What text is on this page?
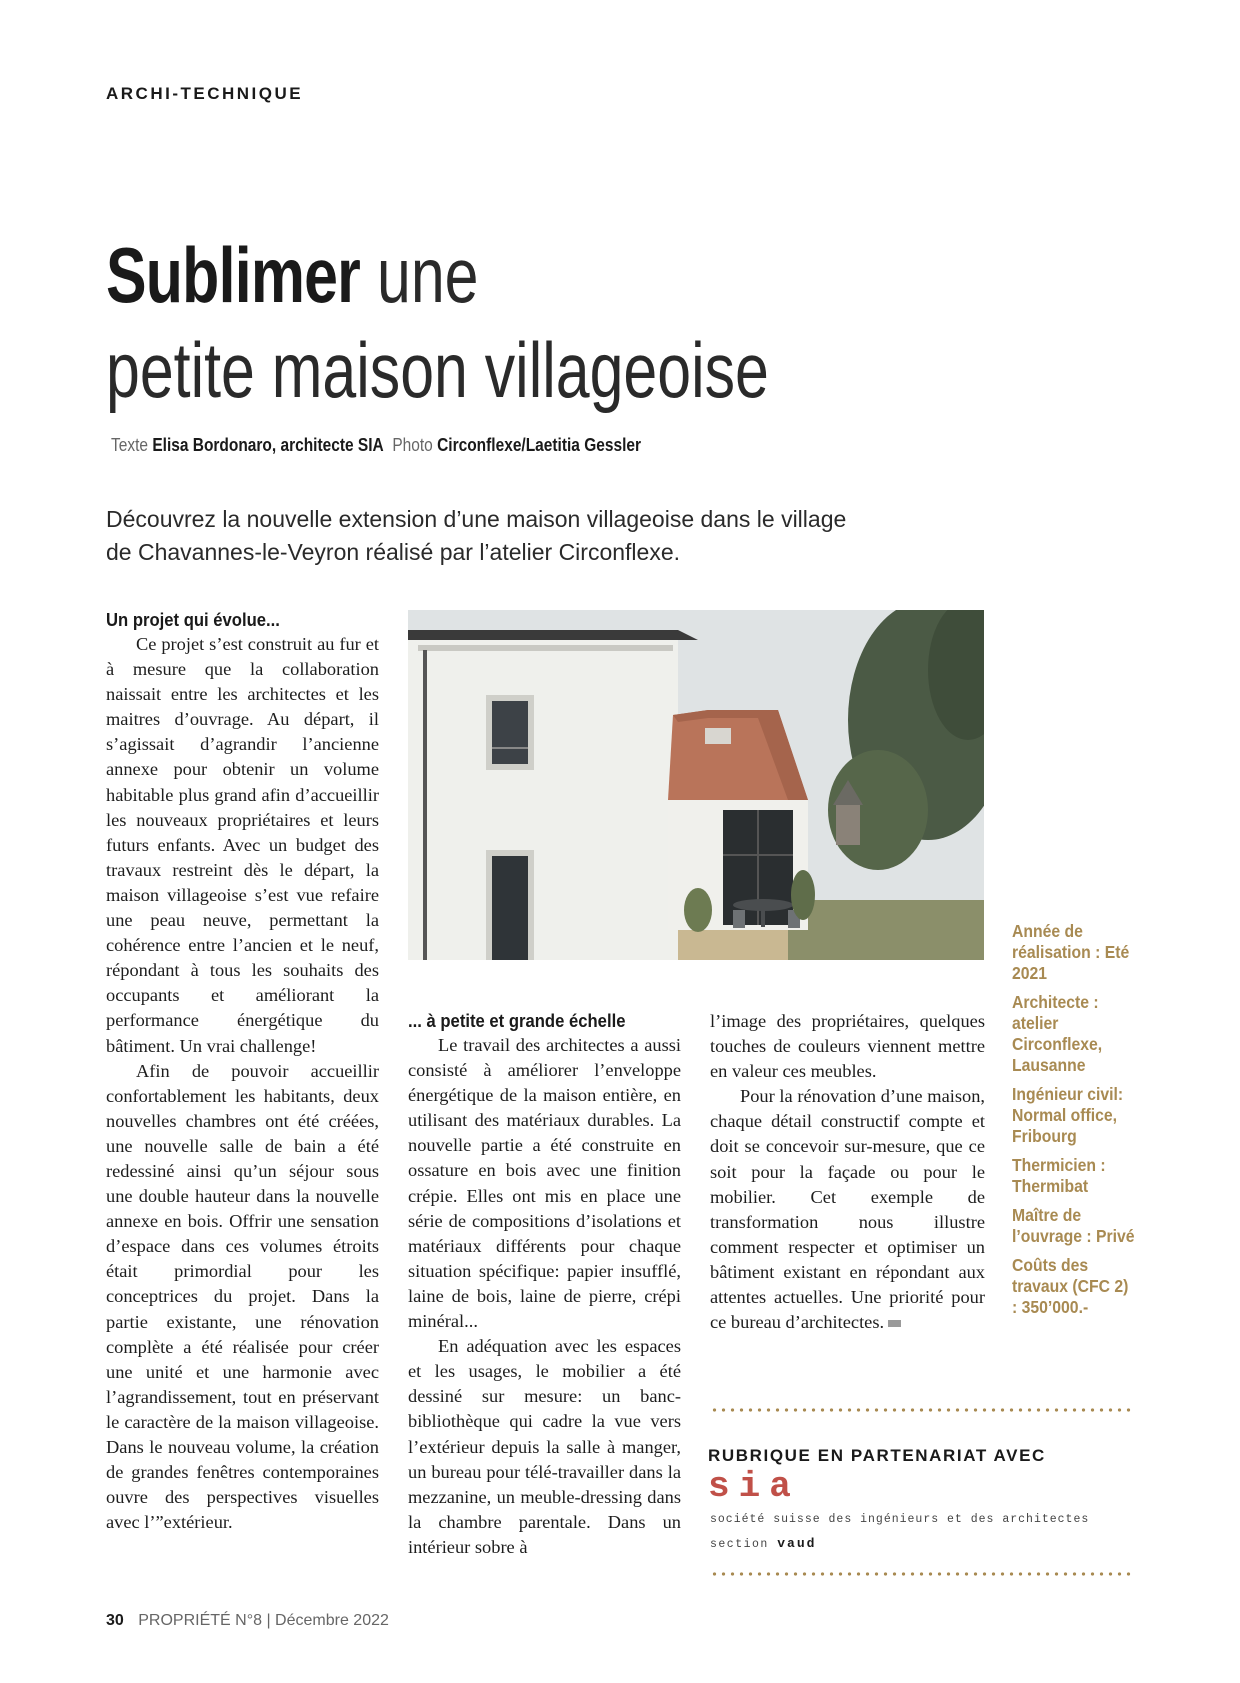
ARCHI-TECHNIQUE
Sublimer une
petite maison villageoise
Texte Elisa Bordonaro, architecte SIA Photo Circonflexe/Laetitia Gessler
Découvrez la nouvelle extension d’une maison villageoise dans le village de Chavannes-le-Veyron réalisé par l’atelier Circonflexe.
Un projet qui évolue...

Ce projet s’est construit au fur et à mesure que la collaboration naissait entre les architectes et les maitres d’ouvrage. Au départ, il s’agissait d’agrandir l’ancienne annexe pour obtenir un volume habitable plus grand afin d’accueillir les nouveaux propriétaires et leurs futurs enfants. Avec un budget des travaux restreint dès le départ, la maison villageoise s’est vue refaire une peau neuve, permettant la cohérence entre l’ancien et le neuf, répondant à tous les souhaits des occupants et améliorant la performance énergétique du bâtiment. Un vrai challenge!

Afin de pouvoir accueillir confortablement les habitants, deux nouvelles chambres ont été créées, une nouvelle salle de bain a été redessiné ainsi qu’un séjour sous une double hauteur dans la nouvelle annexe en bois. Offrir une sensation d’espace dans ces volumes étroits était primordial pour les conceptrices du projet. Dans la partie existante, une rénovation complète a été réalisée pour créer une unité et une harmonie avec l’agrandissement, tout en préservant le caractère de la maison villageoise. Dans le nouveau volume, la création de grandes fenêtres contemporaines ouvre des perspectives visuelles avec l’”extérieur.

... à petite et grande échelle

Le travail des architectes a aussi consisté à améliorer l’enveloppe énergétique de la maison entière, en utilisant des matériaux durables. La nouvelle partie a été construite en ossature en bois avec une finition crépie. Elles ont mis en place une série de compositions d’isolations et matériaux différents pour chaque situation spécifique: papier insufflé, laine de bois, laine de pierre, crépi minéral...

En adéquation avec les espaces et les usages, le mobilier a été dessiné sur mesure: un banc-bibliothèque qui cadre la vue vers l’extérieur depuis la salle à manger, un bureau pour télé-travailler dans la mezzanine, un meuble-dressing dans la chambre parentale. Dans un intérieur sobre à

l’image des propriétaires, quelques touches de couleurs viennent mettre en valeur ces meubles.

Pour la rénovation d’une maison, chaque détail constructif compte et doit se concevoir sur-mesure, que ce soit pour la façade ou pour le mobilier. Cet exemple de transformation nous illustre comment respecter et optimiser un bâtiment existant en répondant aux attentes actuelles. Une priorité pour ce bureau d’architectes.

Année de réalisation : Eté 2021
Architecte : atelier Circonflexe, Lausanne
Ingénieur civil: Normal office, Fribourg
Thermicien : Thermibat
Maître de l’ouvrage : Privé
Coûts des travaux (CFC 2) : 350’000.-
RUBRIQUE EN PARTENARIAT AVEC
sia
société suisse des ingénieurs et des architectes
section vaud
30 PROPRIÉTÉ N°8 | Décembre 2022
